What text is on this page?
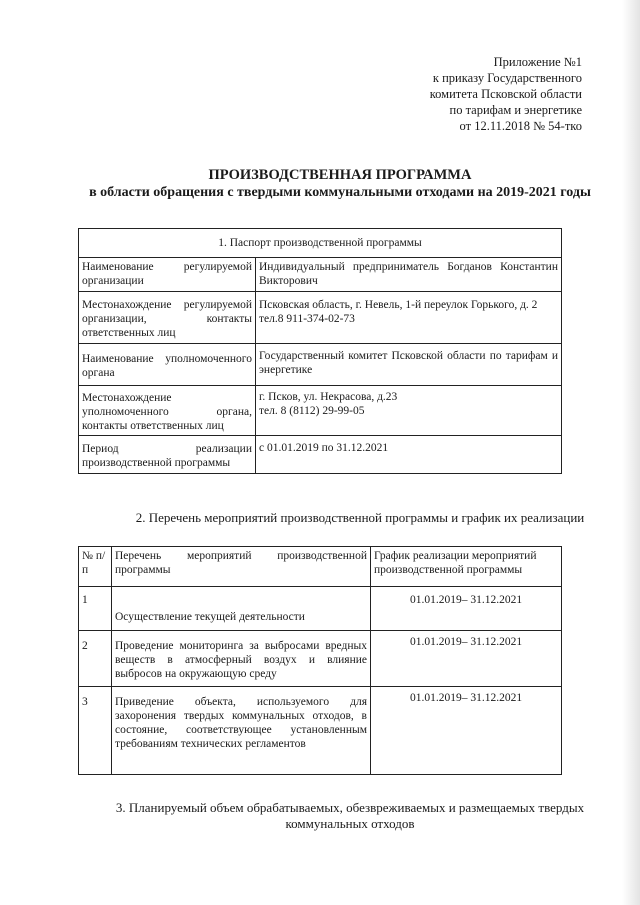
Приложение №1
к приказу Государственного
комитета Псковской области
по тарифам и энергетике
от 12.11.2018 № 54-тко
ПРОИЗВОДСТВЕННАЯ ПРОГРАММА
в области обращения с твердыми коммунальными отходами на 2019-2021 годы
1. Паспорт производственной программы	
Наименование регулируемой организации	Индивидуальный предприниматель Богданов Константин Викторович

Местонахождение регулируемой организации, контакты ответственных лиц	Псковская область, г. Невель, 1-й переулок Горького, д. 2
тел.8 911-374-02-73

Наименование уполномоченного органа	Государственный комитет Псковской области по тарифам и энергетике

Местонахождение уполномоченного органа, контакты ответственных лиц	г. Псков, ул. Некрасова, д.23
тел. 8 (8112) 29-99-05

Период реализации производственной программы	с 01.01.2019 по 31.12.2021
2. Перечень мероприятий производственной программы и график их реализации
№ п/п	Перечень мероприятий производственной программы	График реализации мероприятий производственной программы
1	Осуществление текущей деятельности	01.01.2019– 31.12.2021
2	Проведение мониторинга за выбросами вредных веществ в атмосферный воздух и влияние выбросов на окружающую среду	01.01.2019– 31.12.2021
3	Приведение объекта, используемого для захоронения твердых коммунальных отходов, в состояние, соответствующее установленным требованиям технических регламентов	01.01.2019– 31.12.2021
3. Планируемый объем обрабатываемых, обезвреживаемых и размещаемых твердых коммунальных отходов
